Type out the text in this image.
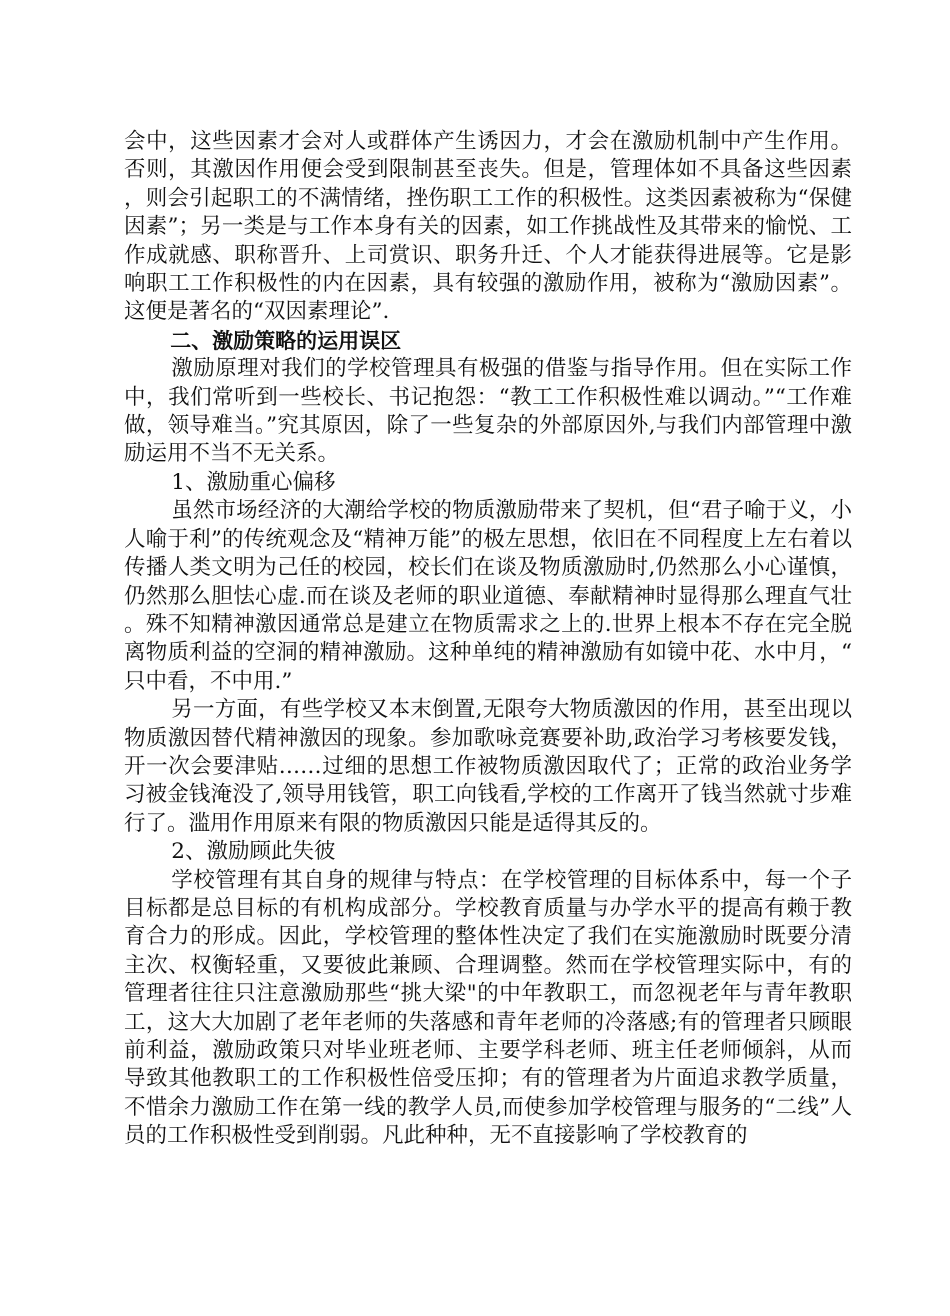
会中，这些因素才会对人或群体产生诱因力，才会在激励机制中产生作用。否则，其激因作用便会受到限制甚至丧失。但是，管理体如不具备这些因素，则会引起职工的不满情绪，挫伤职工工作的积极性。这类因素被称为“保健因素”；另一类是与工作本身有关的因素，如工作挑战性及其带来的愉悦、工作成就感、职称晋升、上司赏识、职务升迁、个人才能获得进展等。它是影响职工工作积极性的内在因素，具有较强的激励作用，被称为“激励因素”。这便是著名的“双因素理论”.

二、激励策略的运用误区

激励原理对我们的学校管理具有极强的借鉴与指导作用。但在实际工作中，我们常听到一些校长、书记抱怨：“教工工作积极性难以调动。”“工作难做，领导难当。”究其原因，除了一些复杂的外部原因外,与我们内部管理中激励运用不当不无关系。

1、激励重心偏移

虽然市场经济的大潮给学校的物质激励带来了契机，但“君子喻于义，小人喻于利”的传统观念及“精神万能”的极左思想，依旧在不同程度上左右着以传播人类文明为己任的校园，校长们在谈及物质激励时,仍然那么小心谨慎，仍然那么胆怯心虚.而在谈及老师的职业道德、奉献精神时显得那么理直气壮。殊不知精神激因通常总是建立在物质需求之上的.世界上根本不存在完全脱离物质利益的空洞的精神激励。这种单纯的精神激励有如镜中花、水中月，“只中看，不中用.”

另一方面，有些学校又本末倒置,无限夸大物质激因的作用，甚至出现以物质激因替代精神激因的现象。参加歌咏竞赛要补助,政治学习考核要发钱，开一次会要津贴……过细的思想工作被物质激因取代了；正常的政治业务学习被金钱淹没了,领导用钱管，职工向钱看,学校的工作离开了钱当然就寸步难行了。滥用作用原来有限的物质激因只能是适得其反的。

2、激励顾此失彼

学校管理有其自身的规律与特点：在学校管理的目标体系中，每一个子目标都是总目标的有机构成部分。学校教育质量与办学水平的提高有赖于教育合力的形成。因此，学校管理的整体性决定了我们在实施激励时既要分清主次、权衡轻重，又要彼此兼顾、合理调整。然而在学校管理实际中，有的管理者往往只注意激励那些“挑大梁"的中年教职工，而忽视老年与青年教职工，这大大加剧了老年老师的失落感和青年老师的冷落感;有的管理者只顾眼前利益，激励政策只对毕业班老师、主要学科老师、班主任老师倾斜，从而导致其他教职工的工作积极性倍受压抑；有的管理者为片面追求教学质量，不惜余力激励工作在第一线的教学人员,而使参加学校管理与服务的“二线”人员的工作积极性受到削弱。凡此种种，无不直接影响了学校教育的
